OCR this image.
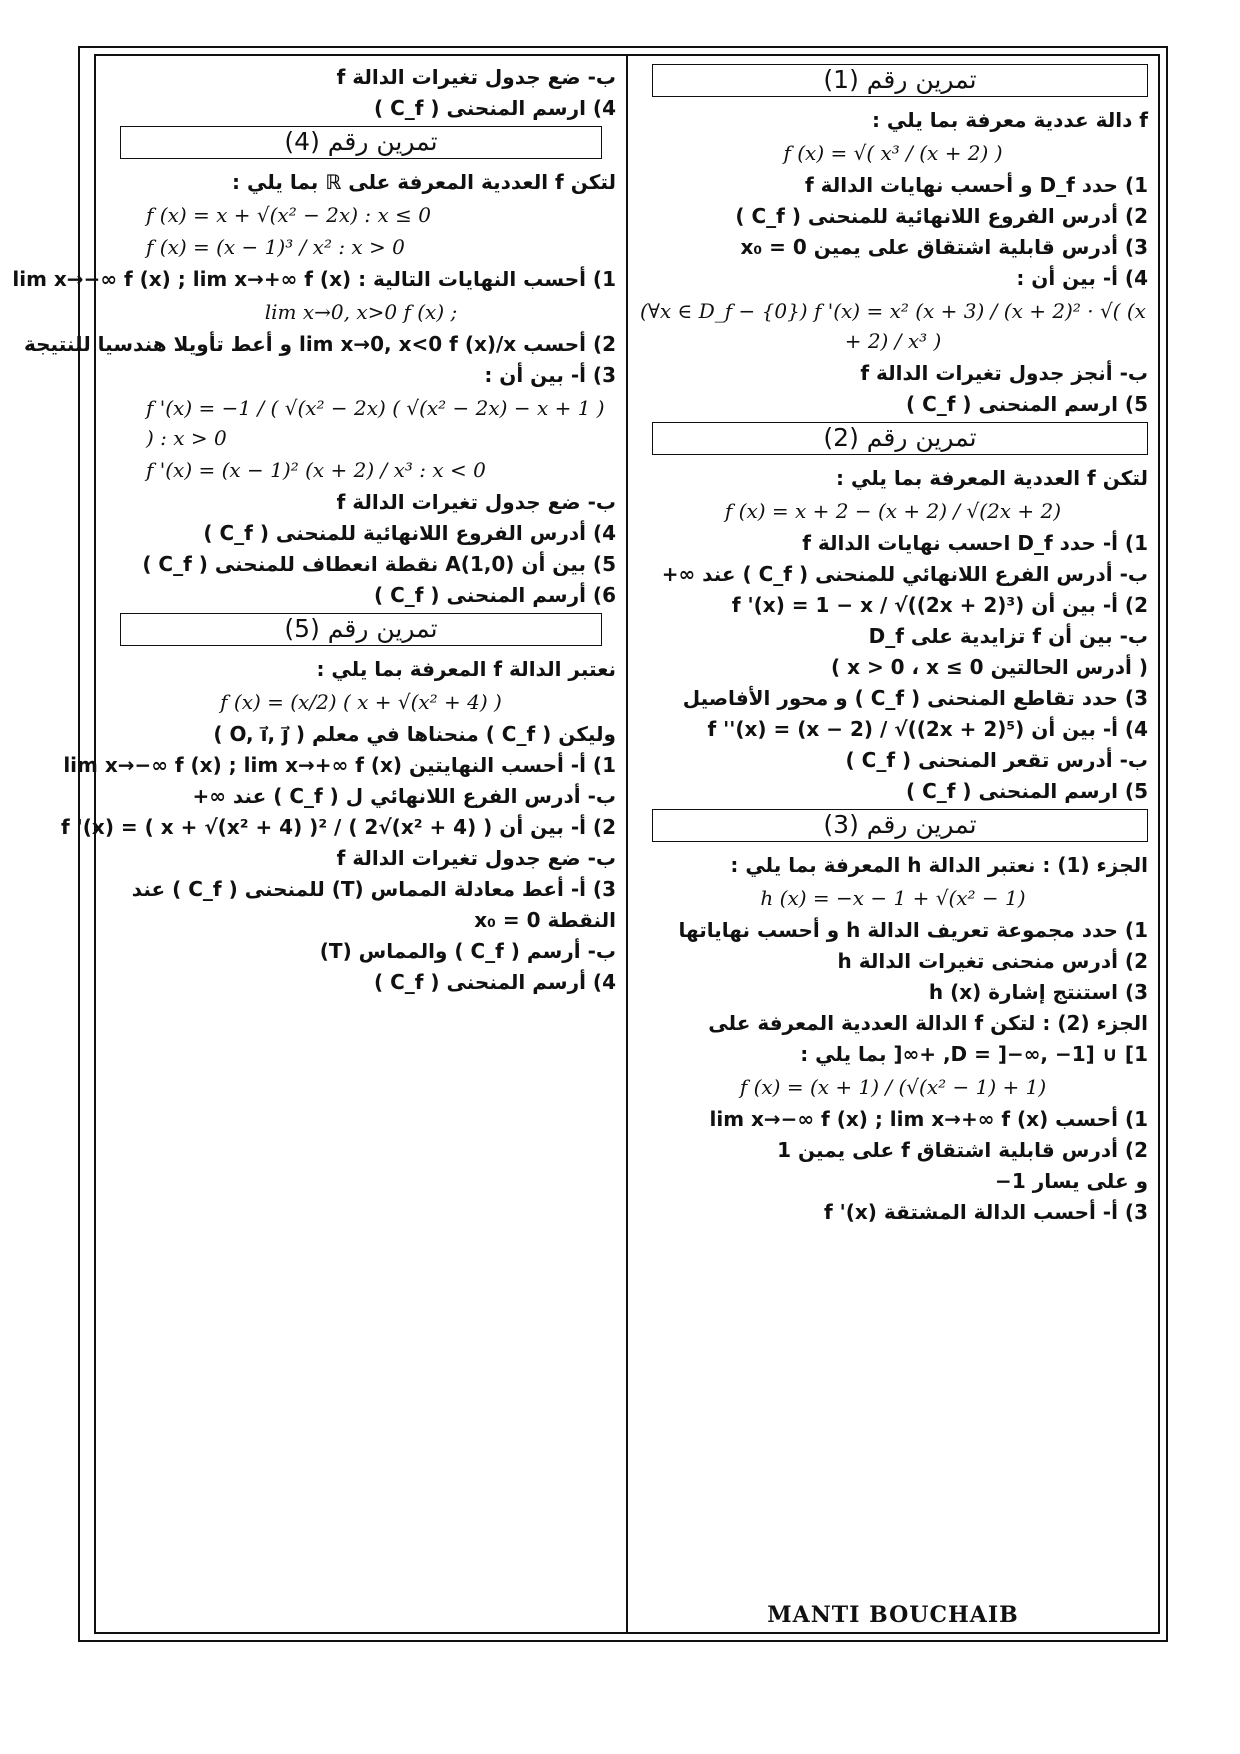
تمرين رقم (1)
f دالة عددية معرفة بما يلي :
f (x) = √( x³ / (x + 2) )
1) حدد D_f و أحسب نهايات الدالة f
2) أدرس الفروع اللانهائية للمنحنى ( C_f )
3) أدرس قابلية اشتقاق على يمين 0 = x₀
4) أ- بين أن :
(∀x ∈ D_f − {0}) f '(x) = x² (x + 3) / (x + 2)² · √( (x + 2) / x³ )
ب- أنجز جدول تغيرات الدالة f
5) ارسم المنحنى ( C_f )
تمرين رقم (2)
لتكن f العددية المعرفة بما يلي :
f (x) = x + 2 − (x + 2) / √(2x + 2)
1) أ- حدد D_f احسب نهايات الدالة f
ب- أدرس الفرع اللانهائي للمنحنى ( C_f ) عند ∞+
2) أ- بين أن f '(x) = 1 − x / √((2x + 2)³)
ب- بين أن f تزايدية على D_f
( أدرس الحالتين x > 0 ، x ≤ 0 )
3) حدد تقاطع المنحنى ( C_f ) و محور الأفاصيل
4) أ- بين أن f ''(x) = (x − 2) / √((2x + 2)⁵)
ب- أدرس تقعر المنحنى ( C_f )
5) ارسم المنحنى ( C_f )
تمرين رقم (3)
الجزء (1) : نعتبر الدالة h المعرفة بما يلي :
h (x) = −x − 1 + √(x² − 1)
1) حدد مجموعة تعريف الدالة h و أحسب نهاياتها
2) أدرس منحنى تغيرات الدالة h
3) استنتج إشارة h (x)
الجزء (2) : لتكن f الدالة العددية المعرفة على
D = ]−∞, −1] ∪ [1, +∞[ بما يلي :
f (x) = (x + 1) / (√(x² − 1) + 1)
1) أحسب lim x→−∞ f (x) ; lim x→+∞ f (x)
2) أدرس قابلية اشتقاق f على يمين 1
و على يسار 1−
3) أ- أحسب الدالة المشتقة f '(x)
MANTI BOUCHAIB
ب- ضع جدول تغيرات الدالة f
4) ارسم المنحنى ( C_f )
تمرين رقم (4)
لتكن f العددية المعرفة على ℝ بما يلي :
f (x) = x + √(x² − 2x) : x ≤ 0
f (x) = (x − 1)³ / x² : x > 0
1) أحسب النهايات التالية : lim x→−∞ f (x) ; lim x→+∞ f (x)
lim x→0, x>0 f (x) ;
2) أحسب lim x→0, x<0 f (x)/x و أعط تأويلا هندسيا للنتيجة
3) أ- بين أن :
f '(x) = −1 / ( √(x² − 2x) ( √(x² − 2x) − x + 1 ) ) : x > 0
f '(x) = (x − 1)² (x + 2) / x³ : x < 0
ب- ضع جدول تغيرات الدالة f
4) أدرس الفروع اللانهائية للمنحنى ( C_f )
5) بين أن A(1,0) نقطة انعطاف للمنحنى ( C_f )
6) أرسم المنحنى ( C_f )
تمرين رقم (5)
نعتبر الدالة f المعرفة بما يلي :
f (x) = (x/2) ( x + √(x² + 4) )
وليكن ( C_f ) منحناها في معلم ( O, i⃗, j⃗ )
1) أ- أحسب النهايتين lim x→−∞ f (x) ; lim x→+∞ f (x)
ب- أدرس الفرع اللانهائي ل ( C_f ) عند ∞+
2) أ- بين أن f '(x) = ( x + √(x² + 4) )² / ( 2√(x² + 4) )
ب- ضع جدول تغيرات الدالة f
3) أ- أعط معادلة المماس (T) للمنحنى ( C_f ) عند
النقطة 0 = x₀
ب- أرسم ( C_f ) والمماس (T)
4) أرسم المنحنى ( C_f )
